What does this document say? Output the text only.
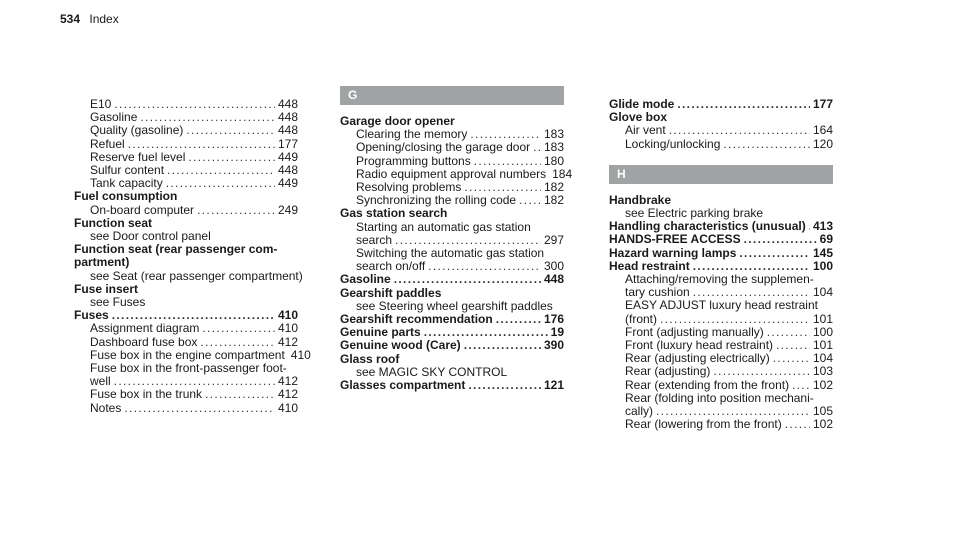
534 Index
E10 . . .	448
Gasoline . . .	448
Quality (gasoline) . . .	448
Refuel . . .	177
Reserve fuel level . . .	449
Sulfur content . . .	448
Tank capacity . . .	449
Fuel consumption
On-board computer . . .	249
Function seat
see Door control panel
Function seat (rear passenger com-
partment)
see Seat (rear passenger compartment)
Fuse insert
see Fuses
Fuses . . .	410
Assignment diagram . . .	410
Dashboard fuse box . . .	412
Fuse box in the engine compartment 410
Fuse box in the front-passenger foot-
well . . .	412
Fuse box in the trunk . . .	412
Notes . . .	410
G
Garage door opener
Clearing the memory . . .	183
Opening/closing the garage door . . . 183
Programming buttons . . .	180
Radio equipment approval numbers 184
Resolving problems . . .	182
Synchronizing the rolling code . . . 182
Gas station search
Starting an automatic gas station
search . . .	297
Switching the automatic gas station
search on/off . . .	300
Gasoline . . .	448
Gearshift paddles
see Steering wheel gearshift paddles
Gearshift recommendation . . .	176
Genuine parts . . .	19
Genuine wood (Care) . . .	390
Glass roof
see MAGIC SKY CONTROL
Glasses compartment . . .	121
Glide mode . . .	177
Glove box
Air vent . . .	164
Locking/unlocking . . .	120
H
Handbrake
see Electric parking brake
Handling characteristics (unusual) . . . 413
HANDS-FREE ACCESS . . .	69
Hazard warning lamps . . .	145
Head restraint . . .	100
Attaching/removing the supplemen-
tary cushion . . .	104
EASY ADJUST luxury head restraint
(front) . . .	101
Front (adjusting manually) . . .	100
Front (luxury head restraint) . . .	101
Rear (adjusting electrically) . . .	104
Rear (adjusting) . . .	103
Rear (extending from the front) . . . 102
Rear (folding into position mechani-
cally) . . .	105
Rear (lowering from the front) . . .	102
